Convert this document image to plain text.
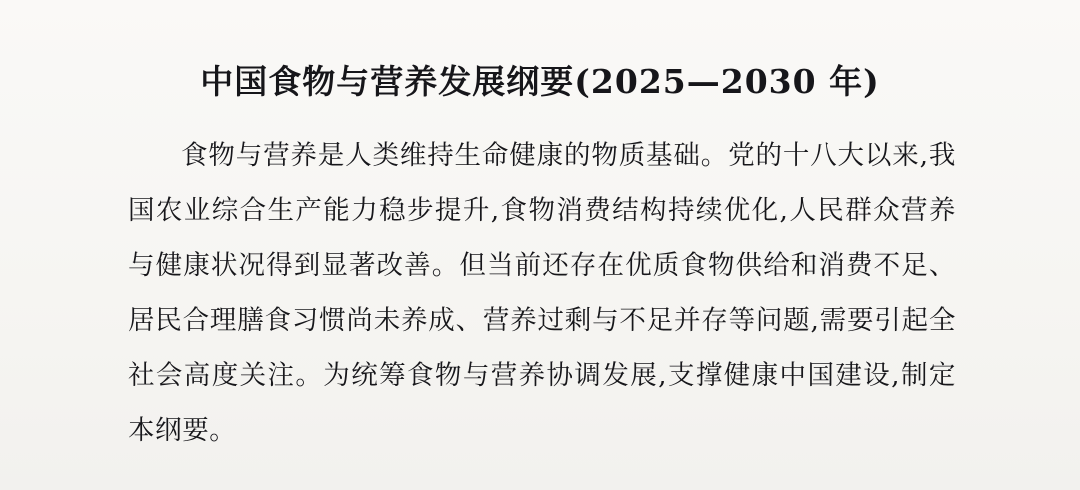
中国食物与营养发展纲要(2025—2030 年)

食物与营养是人类维持生命健康的物质基础。党的十八大以来,我国农业综合生产能力稳步提升,食物消费结构持续优化,人民群众营养与健康状况得到显著改善。但当前还存在优质食物供给和消费不足、居民合理膳食习惯尚未养成、营养过剩与不足并存等问题,需要引起全社会高度关注。为统筹食物与营养协调发展,支撑健康中国建设,制定本纲要。
